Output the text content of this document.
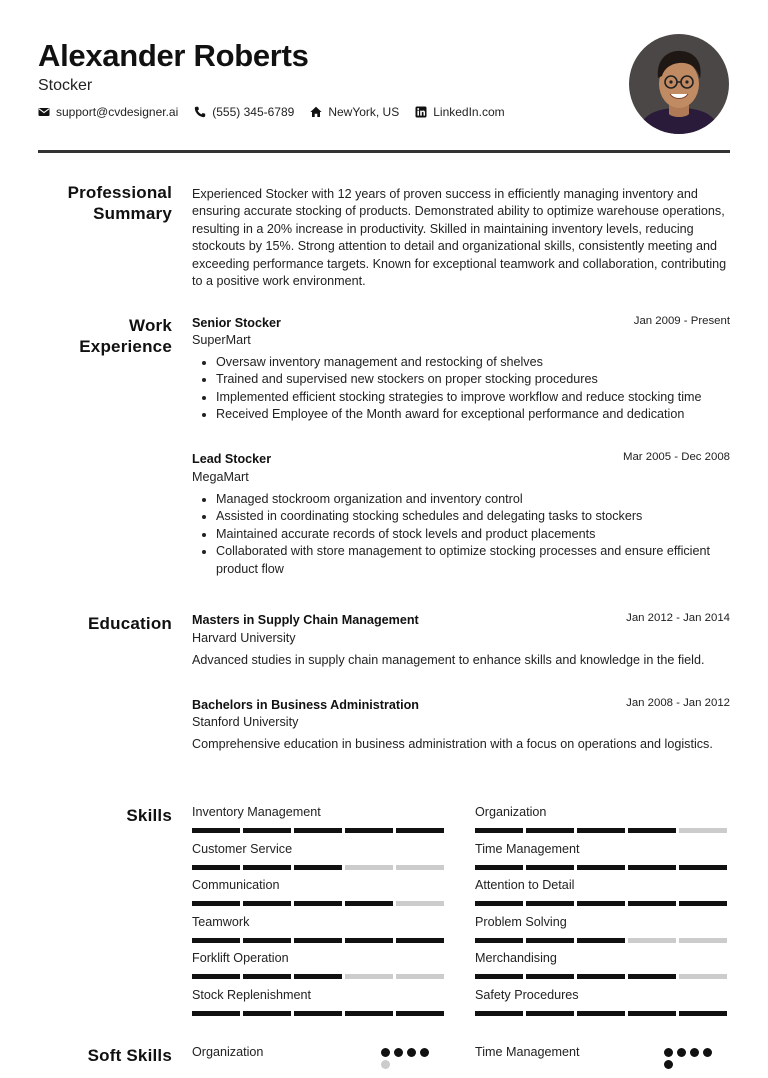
Alexander Roberts
Stocker
support@cvdesigner.ai	(555) 345-6789	NewYork, US	LinkedIn.com
Professional
Summary
Experienced Stocker with 12 years of proven success in efficiently managing inventory and ensuring accurate stocking of products. Demonstrated ability to optimize warehouse operations, resulting in a 20% increase in productivity. Skilled in maintaining inventory levels, reducing stockouts by 15%. Strong attention to detail and organizational skills, consistently meeting and exceeding performance targets. Known for exceptional teamwork and collaboration, contributing to a positive work environment.
Work
Experience
Senior Stocker	Jan 2009 - Present
SuperMart
• Oversaw inventory management and restocking of shelves
• Trained and supervised new stockers on proper stocking procedures
• Implemented efficient stocking strategies to improve workflow and reduce stocking time
• Received Employee of the Month award for exceptional performance and dedication
Lead Stocker	Mar 2005 - Dec 2008
MegaMart
• Managed stockroom organization and inventory control
• Assisted in coordinating stocking schedules and delegating tasks to stockers
• Maintained accurate records of stock levels and product placements
• Collaborated with store management to optimize stocking processes and ensure efficient product flow
Education Masters in Supply Chain Management	Jan 2012 - Jan 2014
Harvard University
Advanced studies in supply chain management to enhance skills and knowledge in the field.
Bachelors in Business Administration	Jan 2008 - Jan 2012
Stanford University
Comprehensive education in business administration with a focus on operations and logistics.
Skills Inventory Management	Organization
Customer Service	Time Management
Communication	Attention to Detail
Teamwork	Problem Solving
Forklift Operation	Merchandising
Stock Replenishment	Safety Procedures
Soft Skills Organization	Time Management
